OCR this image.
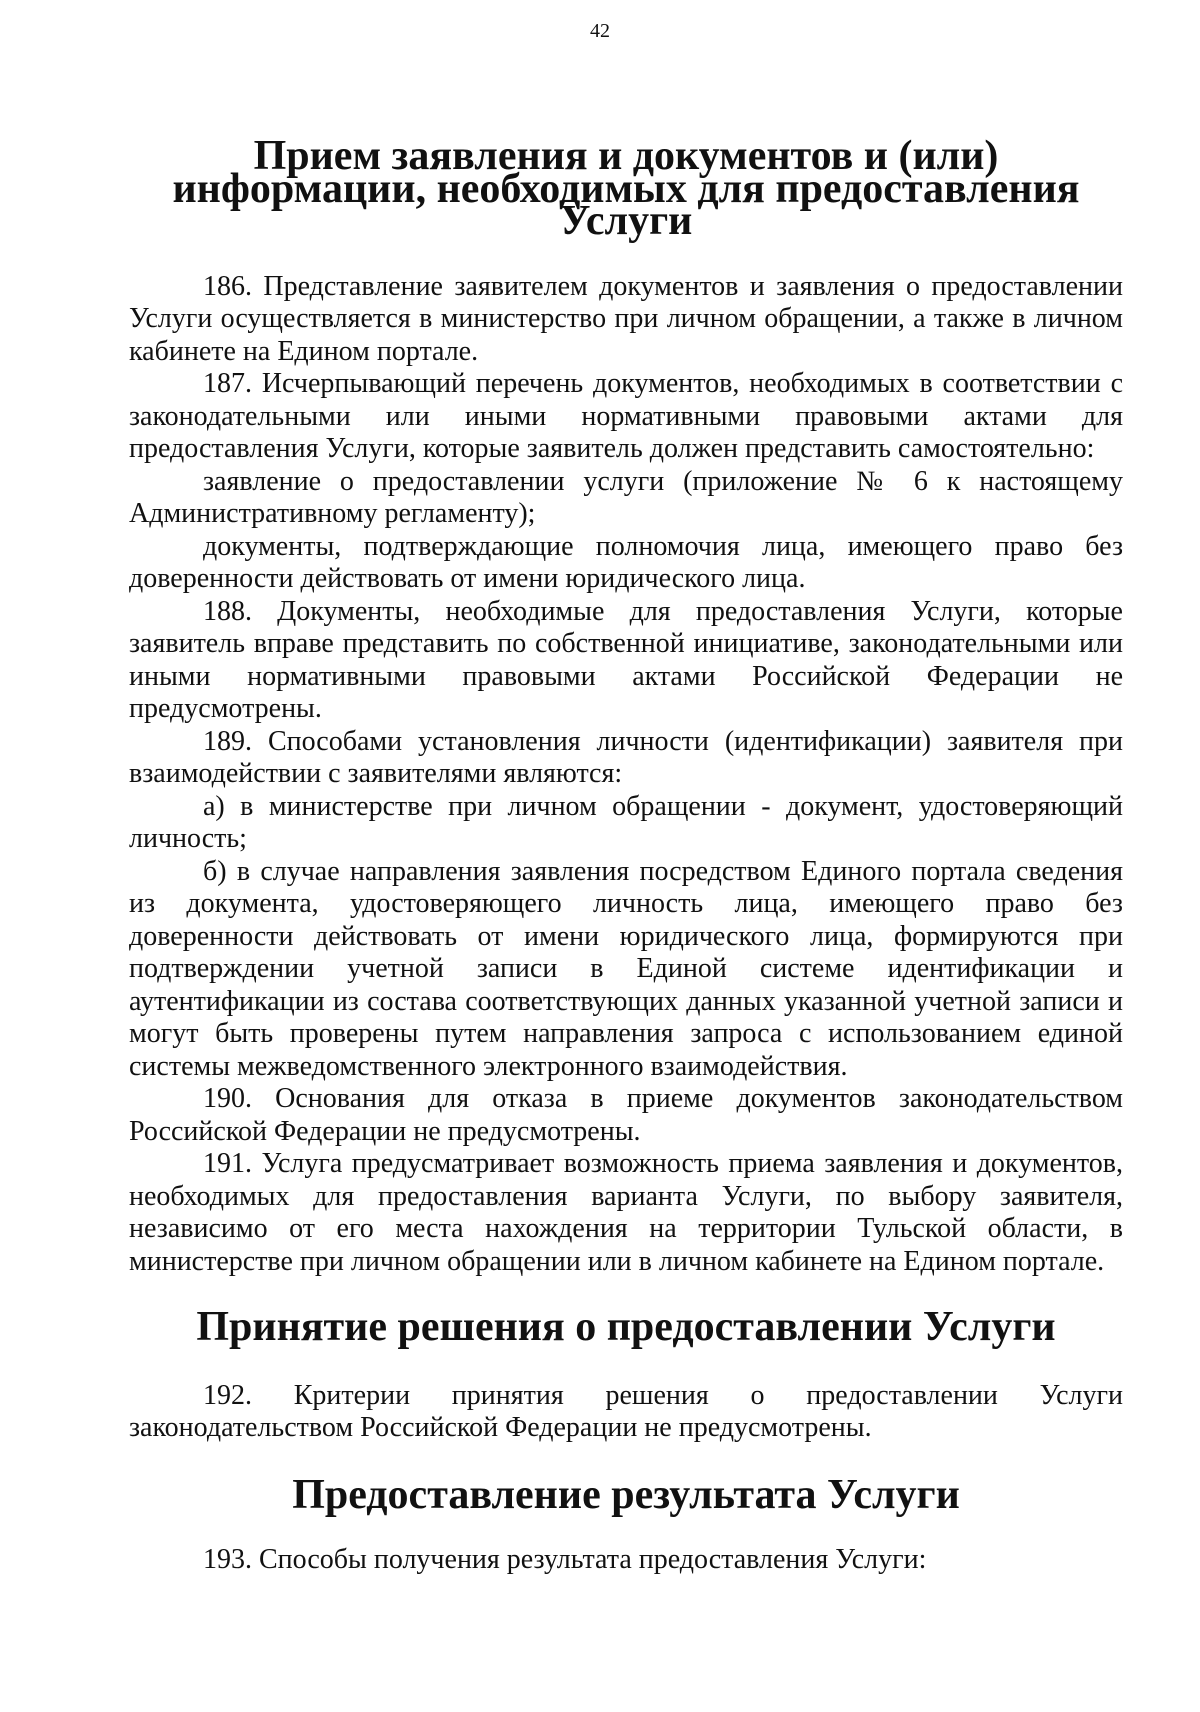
42
Прием заявления и документов и (или) информации, необходимых для предоставления Услуги

186. Представление заявителем документов и заявления о предоставлении Услуги осуществляется в министерство при личном обращении, а также в личном кабинете на Едином портале.

187. Исчерпывающий перечень документов, необходимых в соответствии с законодательными или иными нормативными правовыми актами для предоставления Услуги, которые заявитель должен представить самостоятельно:

заявление о предоставлении услуги (приложение № 6 к настоящему Административному регламенту);

документы, подтверждающие полномочия лица, имеющего право без доверенности действовать от имени юридического лица.

188. Документы, необходимые для предоставления Услуги, которые заявитель вправе представить по собственной инициативе, законодательными или иными нормативными правовыми актами Российской Федерации не предусмотрены.

189. Способами установления личности (идентификации) заявителя при взаимодействии с заявителями являются:

а) в министерстве при личном обращении - документ, удостоверяющий личность;

б) в случае направления заявления посредством Единого портала сведения из документа, удостоверяющего личность лица, имеющего право без доверенности действовать от имени юридического лица, формируются при подтверждении учетной записи в Единой системе идентификации и аутентификации из состава соответствующих данных указанной учетной записи и могут быть проверены путем направления запроса с использованием единой системы межведомственного электронного взаимодействия.

190. Основания для отказа в приеме документов законодательством Российской Федерации не предусмотрены.

191. Услуга предусматривает возможность приема заявления и документов, необходимых для предоставления варианта Услуги, по выбору заявителя, независимо от его места нахождения на территории Тульской области, в министерстве при личном обращении или в личном кабинете на Едином портале.

Принятие решения о предоставлении Услуги

192. Критерии принятия решения о предоставлении Услуги законодательством Российской Федерации не предусмотрены.

Предоставление результата Услуги

193. Способы получения результата предоставления Услуги:
